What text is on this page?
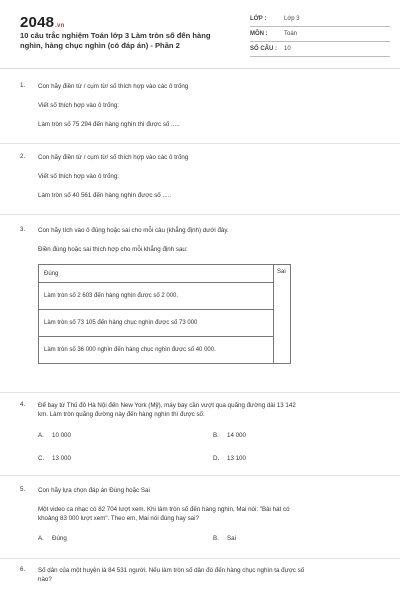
2048.vn
10 câu trắc nghiệm Toán lớp 3 Làm tròn số đến hàng nghìn, hàng chục nghìn (có đáp án) - Phần 2
LỚP :	Lớp 3
MÔN :	Toán
SỐ CÂU :	10
1.	Con hãy điền từ / cụm từ/ số thích hợp vào các ô trống
Viết số thích hợp vào ô trống:
Làm tròn số 75 294 đến hàng nghìn thì được số .....
2.	Con hãy điền từ / cụm từ/ số thích hợp vào các ô trống
Viết số thích hợp vào ô trống:
Làm tròn số 40 561 đến hàng nghìn được số .....
3.	Con hãy tích vào ô đúng hoặc sai cho mỗi câu (khẳng định) dưới đây.
Điền đúng hoặc sai thích hợp cho mỗi khẳng định sau:
Đúng	Sai
Làm tròn số 2 603 đến hàng nghìn được số 2 000.
Làm tròn số 73 105 đến hàng chục nghìn được số 73 000
Làm tròn số 36 000 nghìn đến hàng chục nghìn được số 40 000.
4.	Để bay từ Thủ đô Hà Nội đến New York (Mỹ), máy bay cần vượt qua quãng đường dài 13 142
km. Làm tròn quãng đường này đến hàng nghìn thì được số:
A. 10 000	B. 14 000
C. 13 000	D. 13 100
5.	Con hãy lựa chọn đáp án Đúng hoặc Sai
Một video ca nhạc có 82 704 lượt xem. Khi làm tròn số đến hàng nghìn, Mai nói: "Bài hát có
khoảng 83 000 lượt xem". Theo em, Mai nói đúng hay sai?
A. Đúng	B. Sai
6.	Số dân của một huyện là 84 531 người. Nếu làm tròn số dân đó đến hàng chục nghìn ta được số
nào?
